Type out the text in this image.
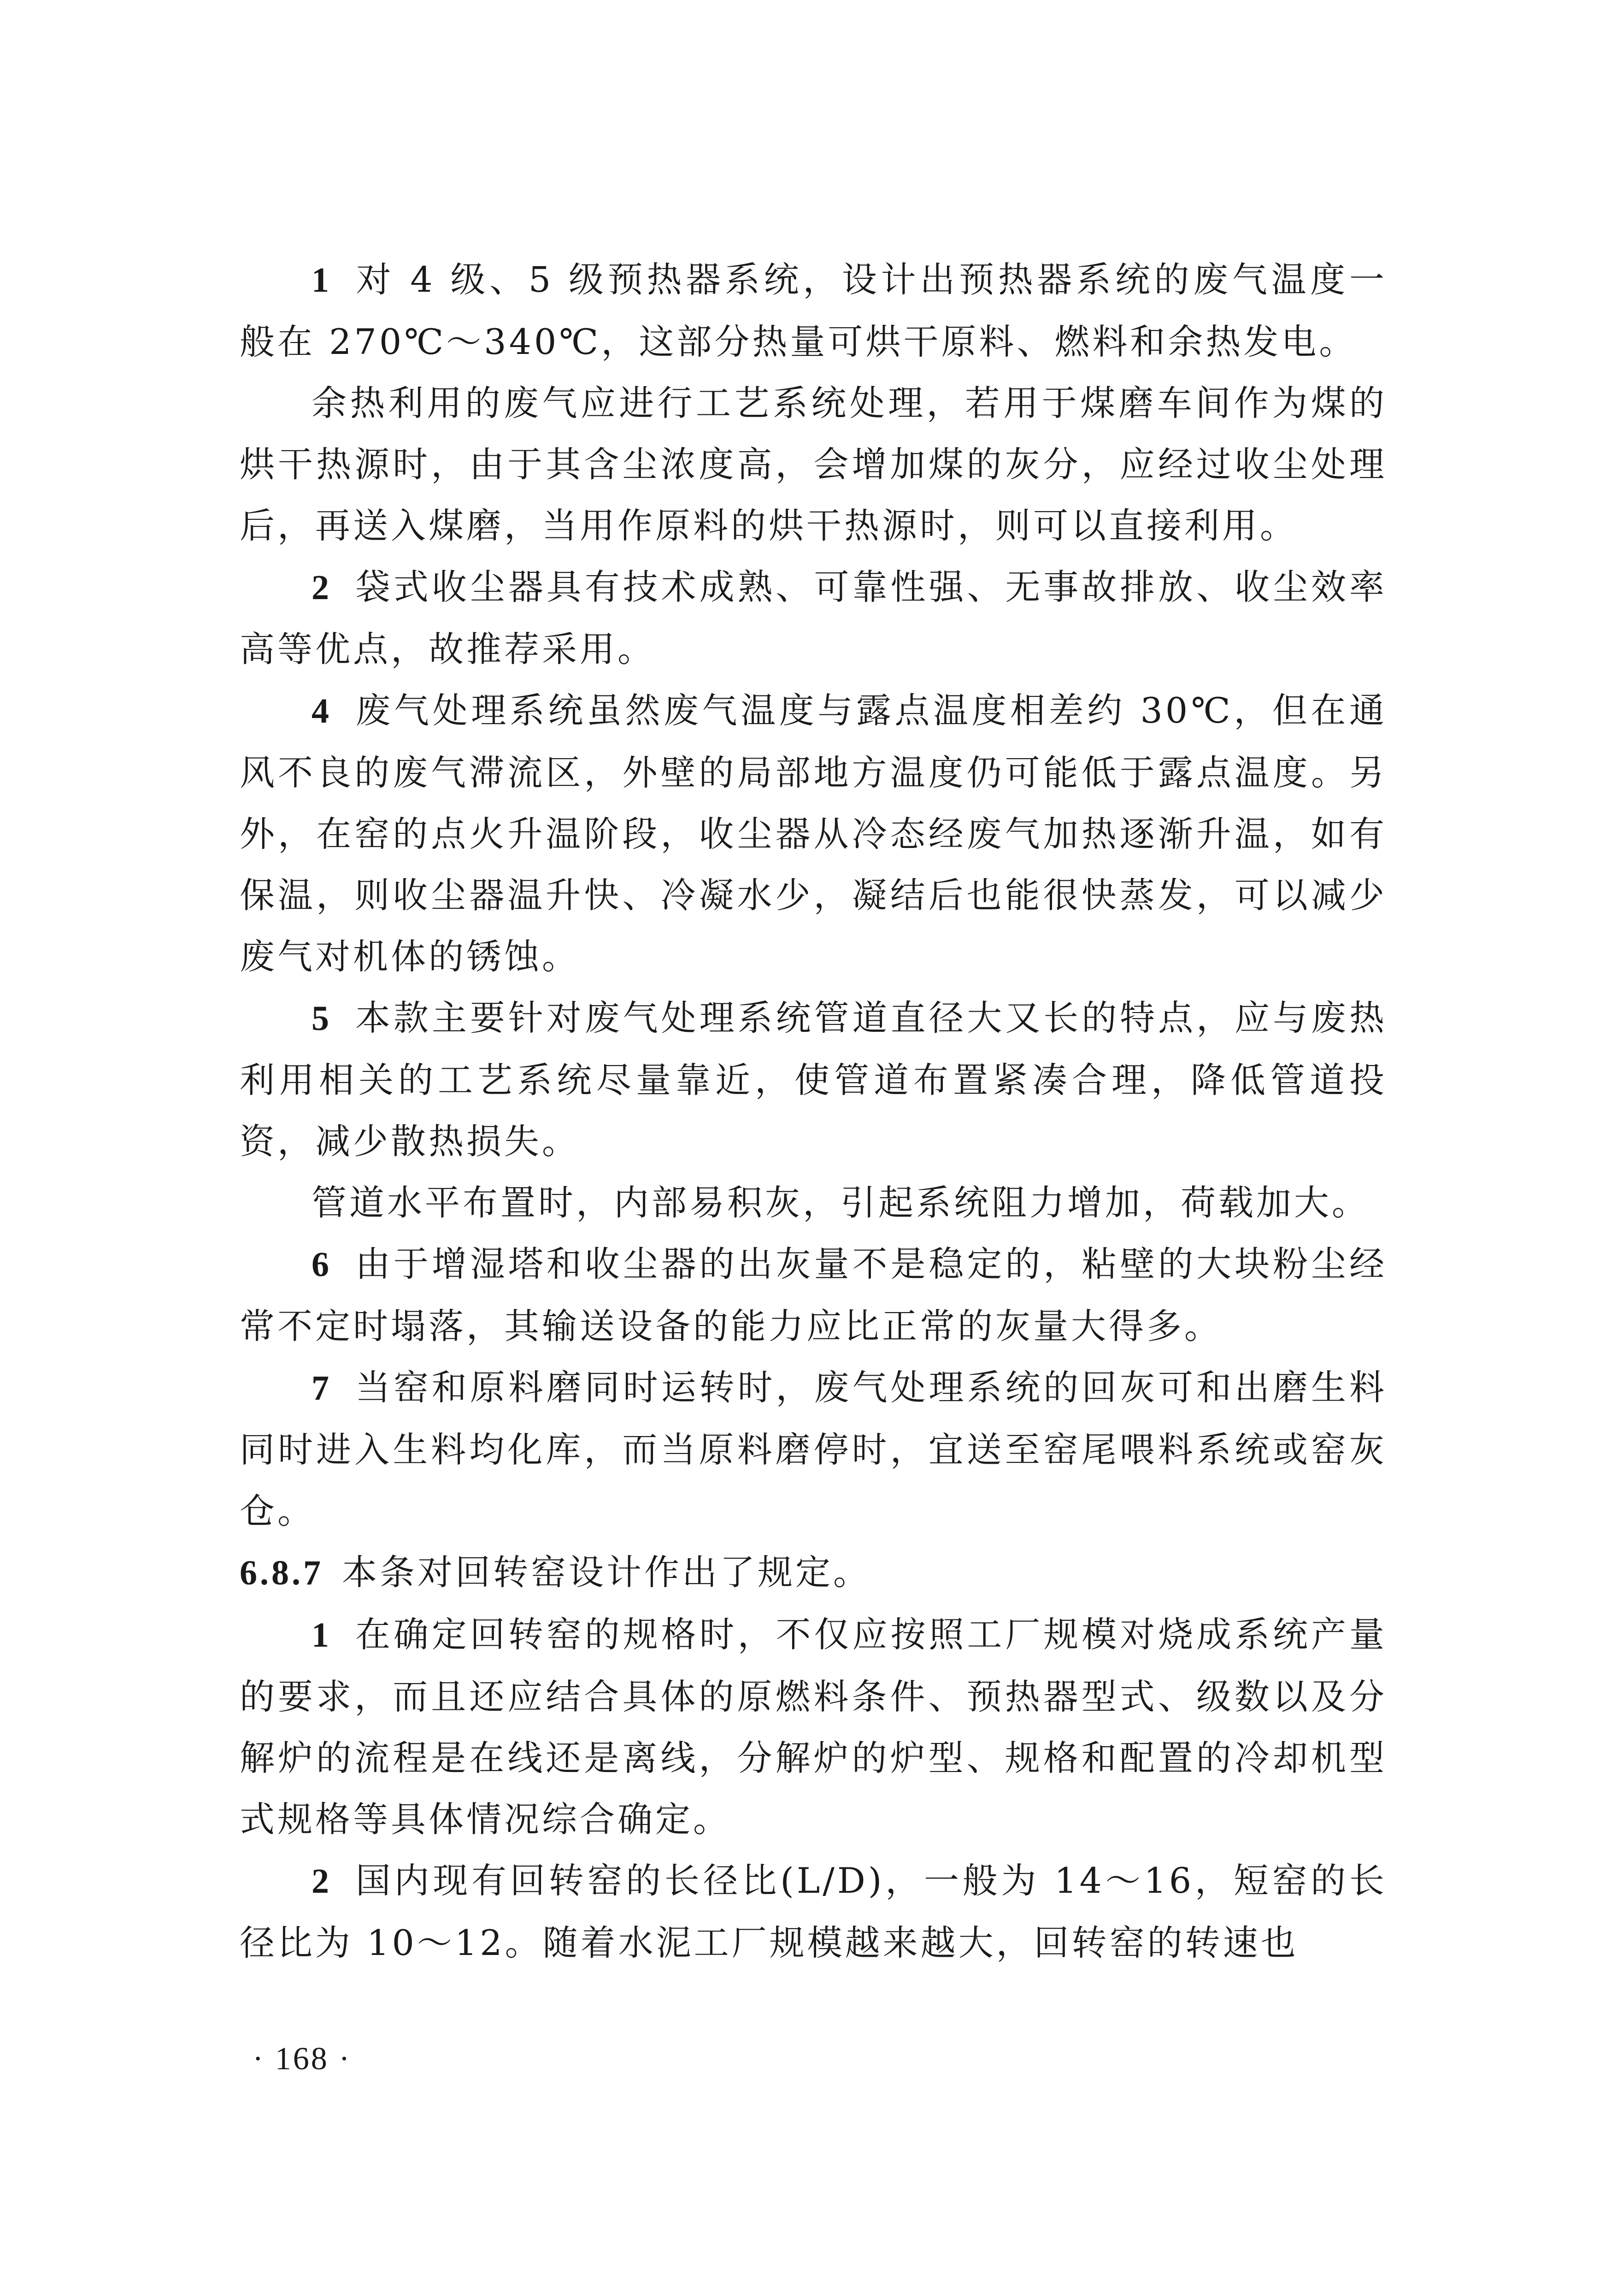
1 对 4 级、5 级预热器系统，设计出预热器系统的废气温度一般在 270℃～340℃，这部分热量可烘干原料、燃料和余热发电。

余热利用的废气应进行工艺系统处理，若用于煤磨车间作为煤的烘干热源时，由于其含尘浓度高，会增加煤的灰分，应经过收尘处理后，再送入煤磨，当用作原料的烘干热源时，则可以直接利用。

2 袋式收尘器具有技术成熟、可靠性强、无事故排放、收尘效率高等优点，故推荐采用。

4 废气处理系统虽然废气温度与露点温度相差约 30℃，但在通风不良的废气滞流区，外壁的局部地方温度仍可能低于露点温度。另外，在窑的点火升温阶段，收尘器从冷态经废气加热逐渐升温，如有保温，则收尘器温升快、冷凝水少，凝结后也能很快蒸发，可以减少废气对机体的锈蚀。

5 本款主要针对废气处理系统管道直径大又长的特点，应与废热利用相关的工艺系统尽量靠近，使管道布置紧凑合理，降低管道投资，减少散热损失。

管道水平布置时，内部易积灰，引起系统阻力增加，荷载加大。

6 由于增湿塔和收尘器的出灰量不是稳定的，粘壁的大块粉尘经常不定时塌落，其输送设备的能力应比正常的灰量大得多。

7 当窑和原料磨同时运转时，废气处理系统的回灰可和出磨生料同时进入生料均化库，而当原料磨停时，宜送至窑尾喂料系统或窑灰仓。

6.8.7 本条对回转窑设计作出了规定。

1 在确定回转窑的规格时，不仅应按照工厂规模对烧成系统产量的要求，而且还应结合具体的原燃料条件、预热器型式、级数以及分解炉的流程是在线还是离线，分解炉的炉型、规格和配置的冷却机型式规格等具体情况综合确定。

2 国内现有回转窑的长径比(L/D)，一般为 14～16，短窑的长径比为 10～12。随着水泥工厂规模越来越大，回转窑的转速也

· 168 ·
